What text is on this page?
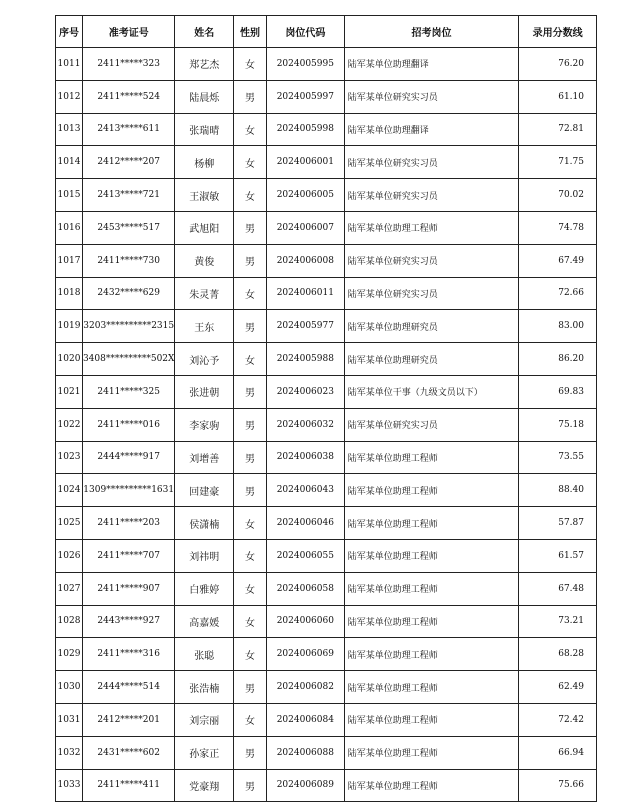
序号	准考证号	姓名	性别	岗位代码	招考岗位	录用分数线
1011	2411*****323	郑艺杰	女	2024005995	陆军某单位助理翻译	76.20
1012	2411*****524	陆晨烁	男	2024005997	陆军某单位研究实习员	61.10
1013	2413*****611	张瑞晴	女	2024005998	陆军某单位助理翻译	72.81
1014	2412*****207	杨柳	女	2024006001	陆军某单位研究实习员	71.75
1015	2413*****721	王淑敏	女	2024006005	陆军某单位研究实习员	70.02
1016	2453*****517	武旭阳	男	2024006007	陆军某单位助理工程师	74.78
1017	2411*****730	黄俊	男	2024006008	陆军某单位研究实习员	67.49
1018	2432*****629	朱灵菁	女	2024006011	陆军某单位研究实习员	72.66
1019	3203**********2315	王东	男	2024005977	陆军某单位助理研究员	83.00
1020	3408**********502X	刘沁予	女	2024005988	陆军某单位助理研究员	86.20
1021	2411*****325	张进朝	男	2024006023	陆军某单位干事（九级文员以下）	69.83
1022	2411*****016	李家驹	男	2024006032	陆军某单位研究实习员	75.18
1023	2444*****917	刘增善	男	2024006038	陆军某单位助理工程师	73.55
1024	1309**********1631	回建豪	男	2024006043	陆军某单位助理工程师	88.40
1025	2411*****203	侯潇楠	女	2024006046	陆军某单位助理工程师	57.87
1026	2411*****707	刘祎明	女	2024006055	陆军某单位助理工程师	61.57
1027	2411*****907	白雅婷	女	2024006058	陆军某单位助理工程师	67.48
1028	2443*****927	高嘉媛	女	2024006060	陆军某单位助理工程师	73.21
1029	2411*****316	张聪	女	2024006069	陆军某单位助理工程师	68.28
1030	2444*****514	张浩楠	男	2024006082	陆军某单位助理工程师	62.49
1031	2412*****201	刘宗丽	女	2024006084	陆军某单位助理工程师	72.42
1032	2431*****602	孙家正	男	2024006088	陆军某单位助理工程师	66.94
1033	2411*****411	党豪翔	男	2024006089	陆军某单位助理工程师	75.66
